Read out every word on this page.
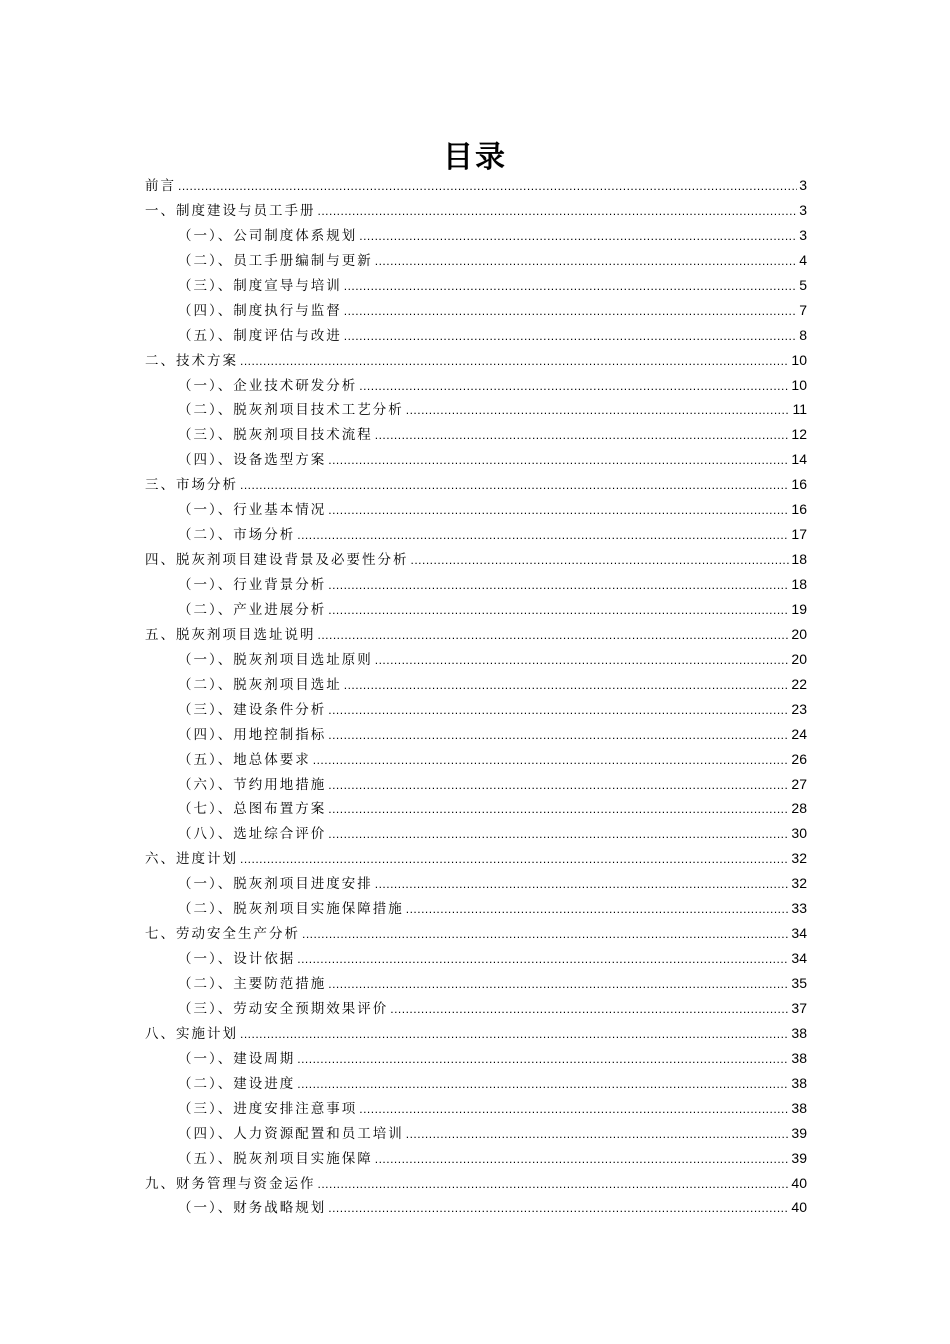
目录
前言 .....	3
一、制度建设与员工手册 .....	3
（一）、公司制度体系规划 .....	3
（二）、员工手册编制与更新 .....	4
（三）、制度宣导与培训 .....	5
（四）、制度执行与监督 .....	7
（五）、制度评估与改进 .....	8
二、技术方案 .....	10
（一）、企业技术研发分析 .....	10
（二）、脱灰剂项目技术工艺分析 .....	11
（三）、脱灰剂项目技术流程 .....	12
（四）、设备选型方案 .....	14
三、市场分析 .....	16
（一）、行业基本情况 .....	16
（二）、市场分析 .....	17
四、脱灰剂项目建设背景及必要性分析 .....	18
（一）、行业背景分析 .....	18
（二）、产业进展分析 .....	19
五、脱灰剂项目选址说明 .....	20
（一）、脱灰剂项目选址原则 .....	20
（二）、脱灰剂项目选址 .....	22
（三）、建设条件分析 .....	23
（四）、用地控制指标 .....	24
（五）、地总体要求 .....	26
（六）、节约用地措施 .....	27
（七）、总图布置方案 .....	28
（八）、选址综合评价 .....	30
六、进度计划 .....	32
（一）、脱灰剂项目进度安排 .....	32
（二）、脱灰剂项目实施保障措施 .....	33
七、劳动安全生产分析 .....	34
（一）、设计依据 .....	34
（二）、主要防范措施 .....	35
（三）、劳动安全预期效果评价 .....	37
八、实施计划 .....	38
（一）、建设周期 .....	38
（二）、建设进度 .....	38
（三）、进度安排注意事项 .....	38
（四）、人力资源配置和员工培训 .....	39
（五）、脱灰剂项目实施保障 .....	39
九、财务管理与资金运作 .....	40
（一）、财务战略规划 .....	40
